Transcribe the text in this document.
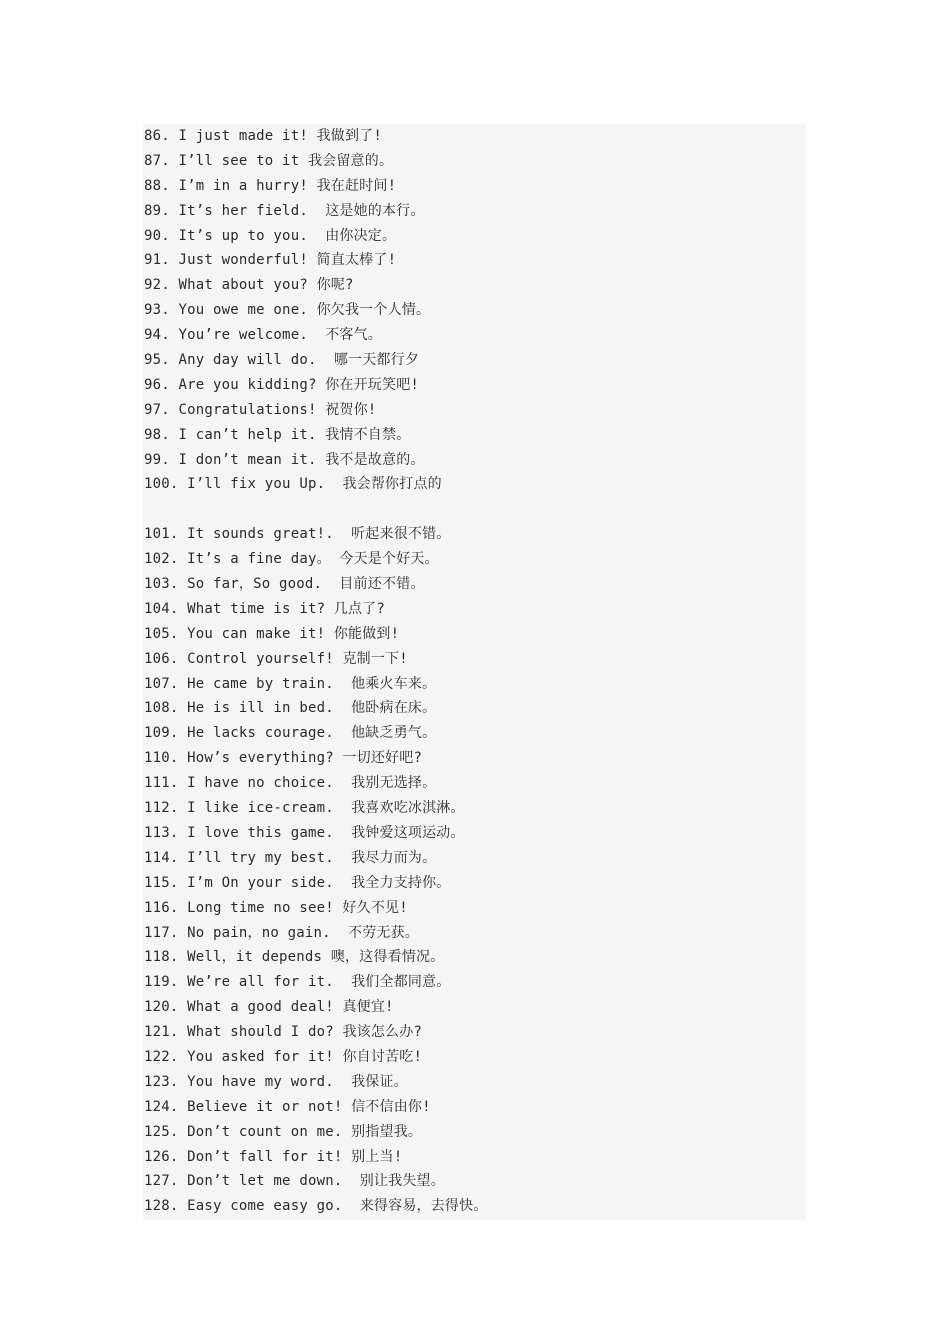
86. I just made it! 我做到了!
87. I’ll see to it 我会留意的。
88. I’m in a hurry! 我在赶时间!
89. It’s her field.  这是她的本行。
90. It’s up to you.  由你决定。
91. Just wonderful! 简直太棒了!
92. What about you? 你呢?
93. You owe me one. 你欠我一个人情。
94. You’re welcome.  不客气。
95. Any day will do.  哪一天都行夕
96. Are you kidding? 你在开玩笑吧!
97. Congratulations! 祝贺你!
98. I can’t help it. 我情不自禁。
99. I don’t mean it. 我不是故意的。
100. I’ll fix you Up.  我会帮你打点的
101. It sounds great!.  听起来很不错。
102. It’s a fine day。 今天是个好天。
103. So far，So good.  目前还不错。
104. What time is it? 几点了?
105. You can make it! 你能做到!
106. Control yourself! 克制一下!
107. He came by train.  他乘火车来。
108. He is ill in bed.  他卧病在床。
109. He lacks courage.  他缺乏勇气。
110. How’s everything? 一切还好吧?
111. I have no choice.  我别无选择。
112. I like ice-cream.  我喜欢吃冰淇淋。
113. I love this game.  我钟爱这项运动。
114. I’ll try my best.  我尽力而为。
115. I’m On your side.  我全力支持你。
116. Long time no see! 好久不见!
117. No pain，no gain.  不劳无获。
118. Well，it depends 噢，这得看情况。
119. We’re all for it.  我们全都同意。
120. What a good deal! 真便宜!
121. What should I do? 我该怎么办?
122. You asked for it! 你自讨苦吃!
123. You have my word.  我保证。
124. Believe it or not! 信不信由你!
125. Don’t count on me. 别指望我。
126. Don’t fall for it! 别上当!
127. Don’t let me down.  别让我失望。
128. Easy come easy go.  来得容易，去得快。
